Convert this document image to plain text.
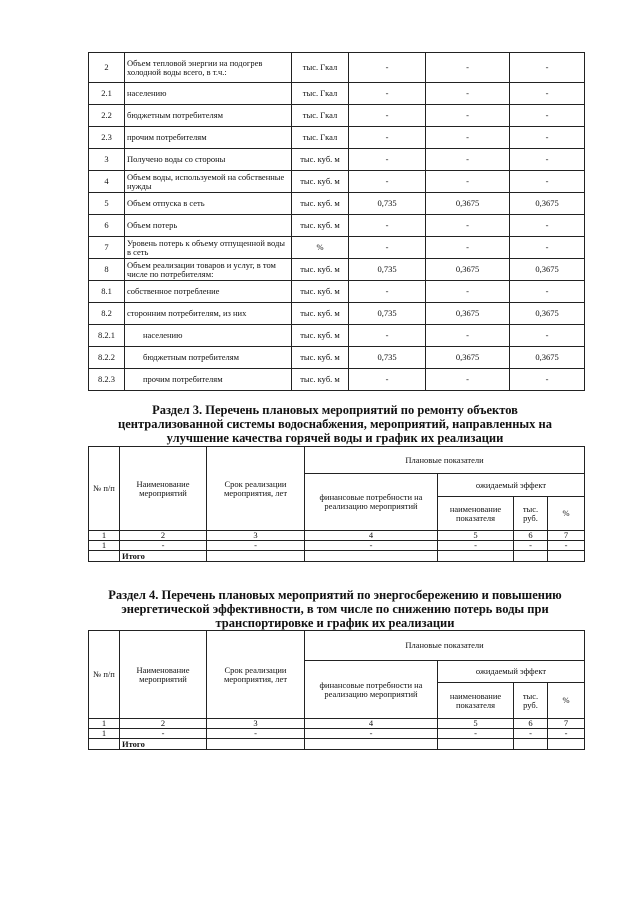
2	Объем тепловой энергии на подогрев холодной воды всего, в т.ч.:	тыс. Гкал	-	-	-
2.1	населению	тыс. Гкал	-	-	-
2.2	бюджетным потребителям	тыс. Гкал	-	-	-
2.3	прочим потребителям	тыс. Гкал	-	-	-
3	Получено воды со стороны	тыс. куб. м	-	-	-
4	Объем воды, используемой на собственные нужды	тыс. куб. м	-	-	-
5	Объем отпуска в сеть	тыс. куб. м	0,735	0,3675	0,3675
6	Объем потерь	тыс. куб. м	-	-	-
7	Уровень потерь к объему отпущенной воды в сеть	%	-	-	-
8	Объем реализации товаров и услуг, в том числе по потребителям:	тыс. куб. м	0,735	0,3675	0,3675
8.1	собственное потребление	тыс. куб. м	-	-	-
8.2	сторонним потребителям, из них	тыс. куб. м	0,735	0,3675	0,3675
8.2.1	населению	тыс. куб. м	-	-	-
8.2.2	бюджетным потребителям	тыс. куб. м	0,735	0,3675	0,3675
8.2.3	прочим потребителям	тыс. куб. м	-	-	-
Раздел 3. Перечень плановых мероприятий по ремонту объектов централизованной системы водоснабжения, мероприятий, направленных на улучшение качества горячей воды и график их реализации
№ п/п	Наименование мероприятий	Срок реализации мероприятия, лет	Плановые показатели			
			финансовые потребности на реализацию мероприятий	ожидаемый эффект		
				наименование показателя	тыс. руб.	%
1	2	3	4	5	6	7
1	-	-	-	-	-	-
	Итого					
Раздел 4. Перечень плановых мероприятий по энергосбережению и повышению энергетической эффективности, в том числе по снижению потерь воды при транспортировке и график их реализации
№ п/п	Наименование мероприятий	Срок реализации мероприятия, лет	Плановые показатели			
			финансовые потребности на реализацию мероприятий	ожидаемый эффект		
				наименование показателя	тыс. руб.	%
1	2	3	4	5	6	7
1	-	-	-	-	-	-
	Итого					
